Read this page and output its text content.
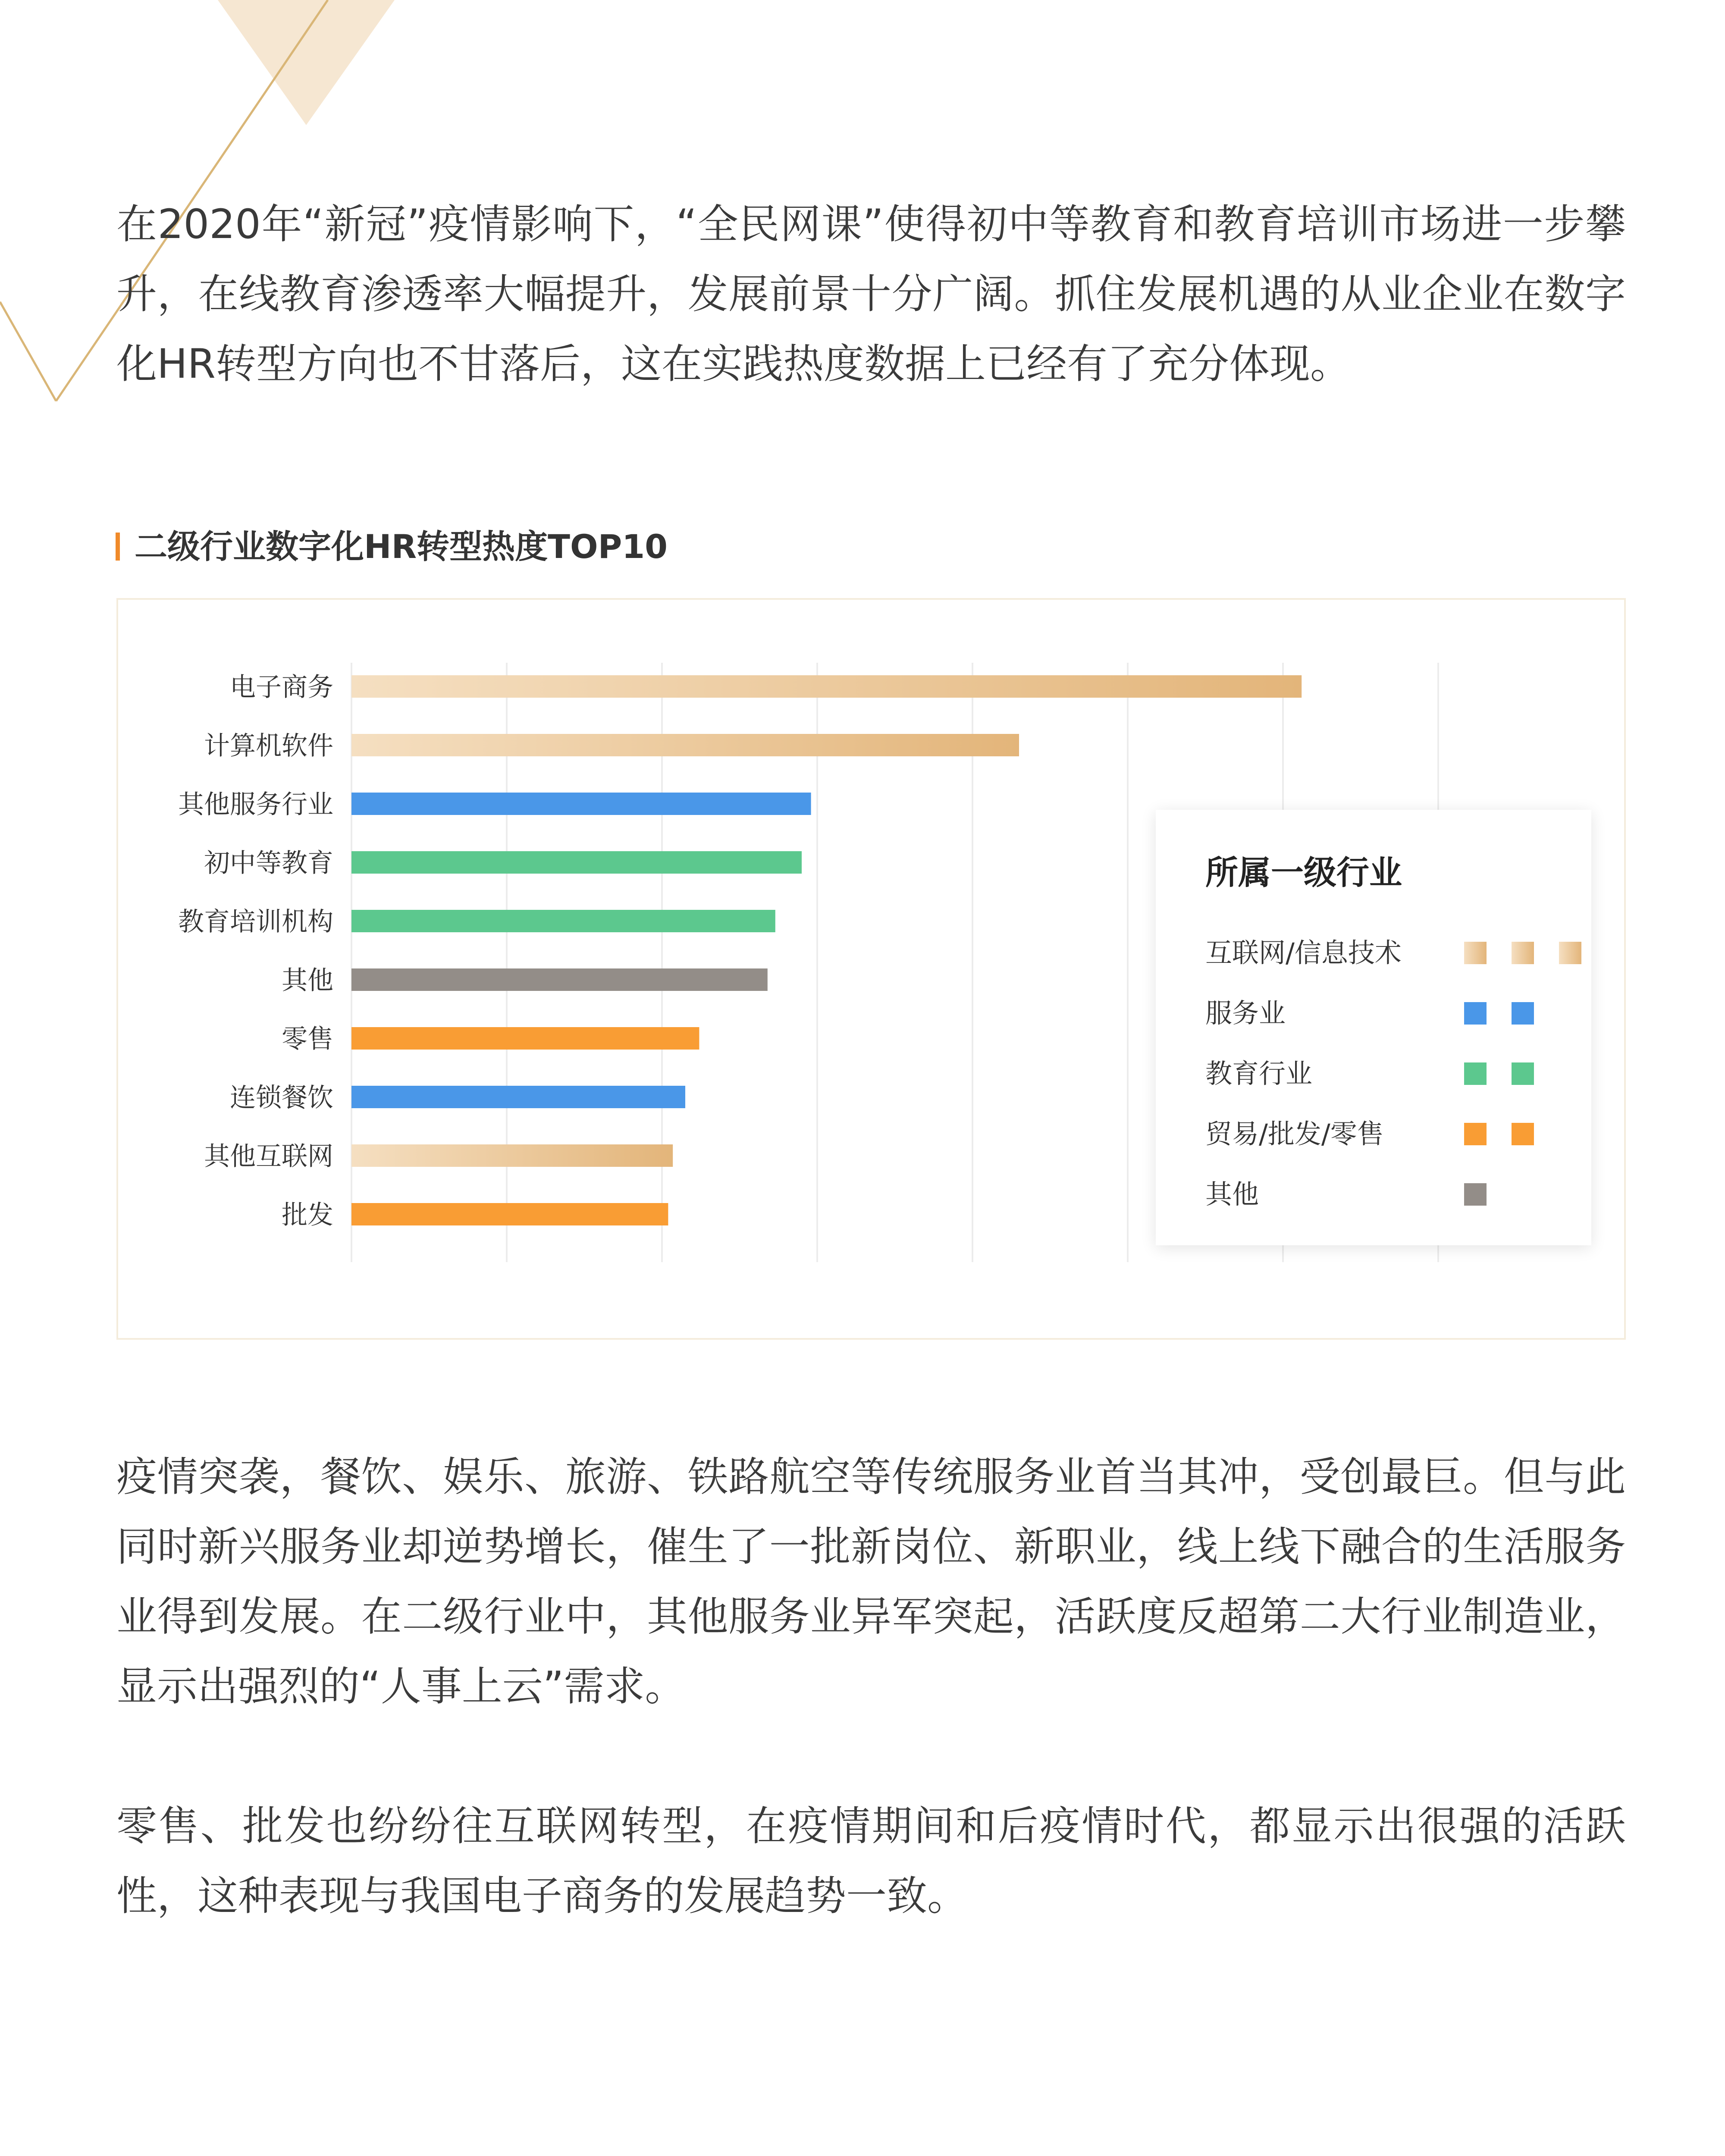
在2020年“新冠”疫情影响下，“全民网课”使得初中等教育和教育培训市场进一步攀升，在线教育渗透率大幅提升，发展前景十分广阔。抓住发展机遇的从业企业在数字化HR转型方向也不甘落后，这在实践热度数据上已经有了充分体现。

二级行业数字化HR转型热度TOP10
电子商务
计算机软件
其他服务行业
初中等教育
教育培训机构
其他
零售
连锁餐饮
其他互联网
批发
所属一级行业
互联网/信息技术
服务业
教育行业
贸易/批发/零售
其他

疫情突袭，餐饮、娱乐、旅游、铁路航空等传统服务业首当其冲，受创最巨。但与此同时新兴服务业却逆势增长，催生了一批新岗位、新职业，线上线下融合的生活服务业得到发展。在二级行业中，其他服务业异军突起，活跃度反超第二大行业制造业，显示出强烈的“人事上云”需求。

零售、批发也纷纷往互联网转型，在疫情期间和后疫情时代，都显示出很强的活跃性，这种表现与我国电子商务的发展趋势一致。
